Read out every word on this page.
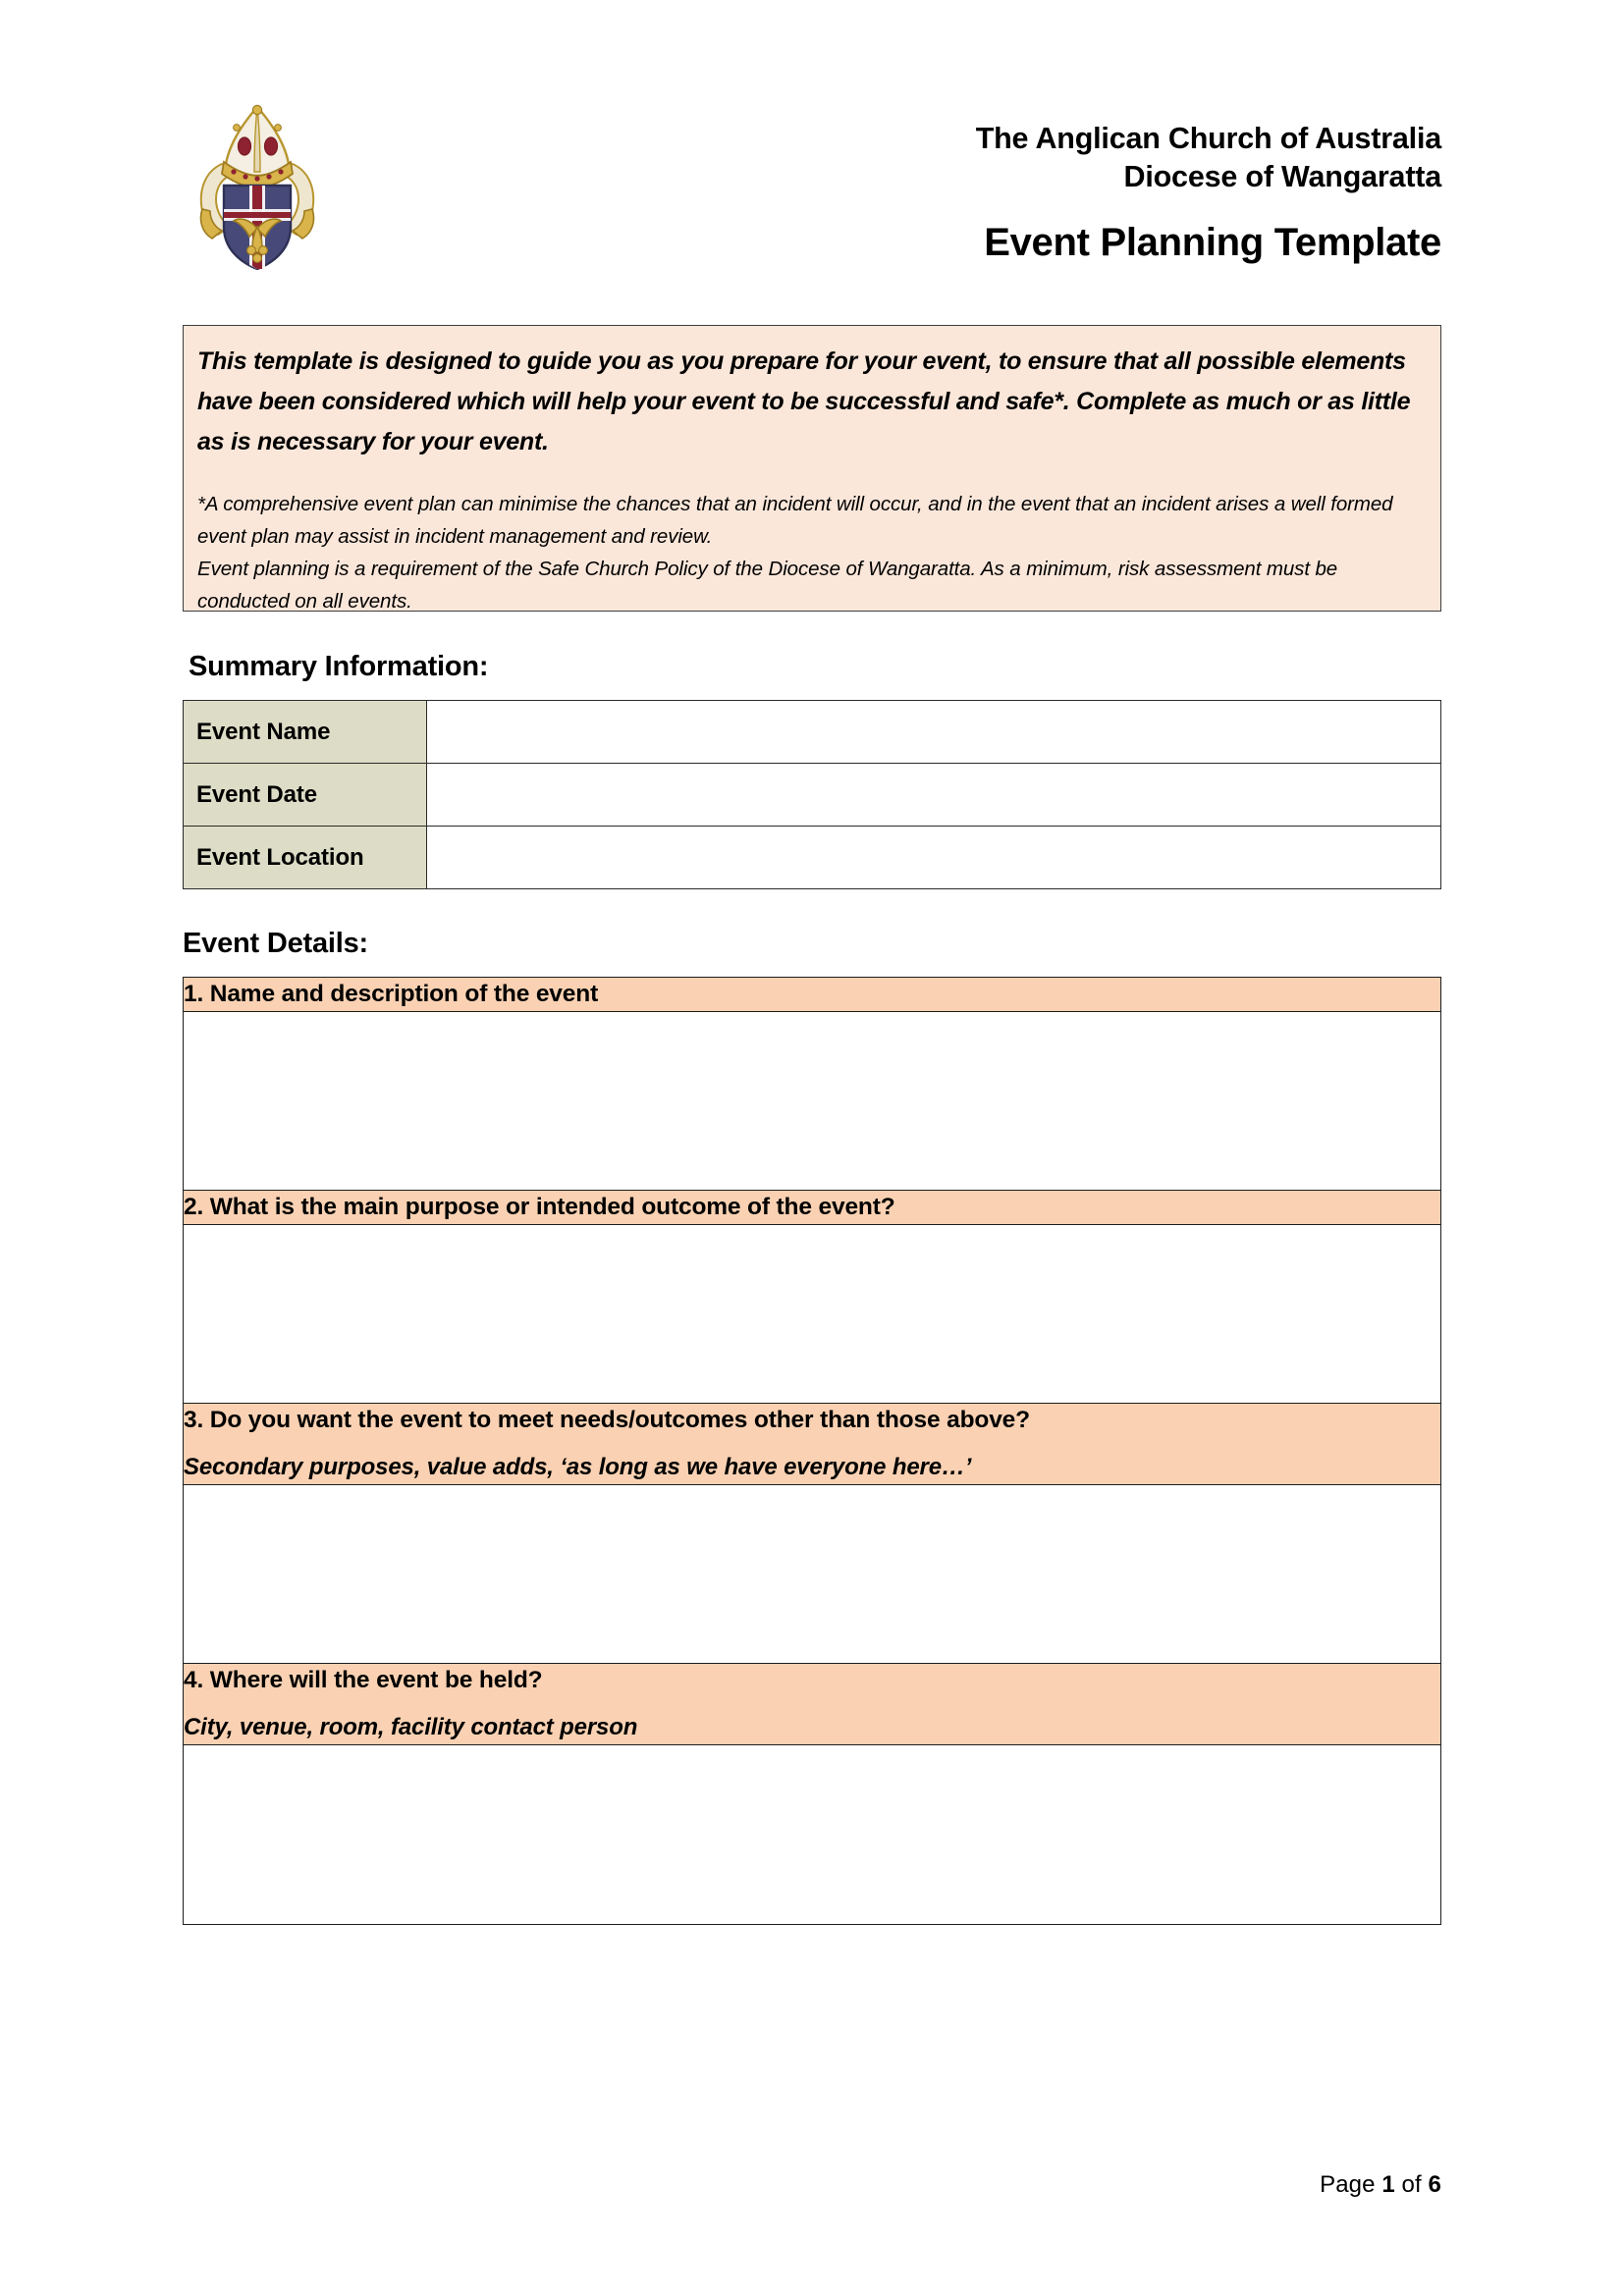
The Anglican Church of Australia
Diocese of Wangaratta
Event Planning Template
This template is designed to guide you as you prepare for your event, to ensure that all possible elements have been considered which will help your event to be successful and safe*. Complete as much or as little as is necessary for your event.
*A comprehensive event plan can minimise the chances that an incident will occur, and in the event that an incident arises a well formed event plan may assist in incident management and review.
Event planning is a requirement of the Safe Church Policy of the Diocese of Wangaratta. As a minimum, risk assessment must be conducted on all events.
Summary Information:
Event Name	
Event Date	
Event Location	
Event Details:
1. Name and description of the event

2. What is the main purpose or intended outcome of the event?

3. Do you want the event to meet needs/outcomes other than those above?
Secondary purposes, value adds, ‘as long as we have everyone here…’

4. Where will the event be held?
City, venue, room, facility contact person

Page 1 of 6
